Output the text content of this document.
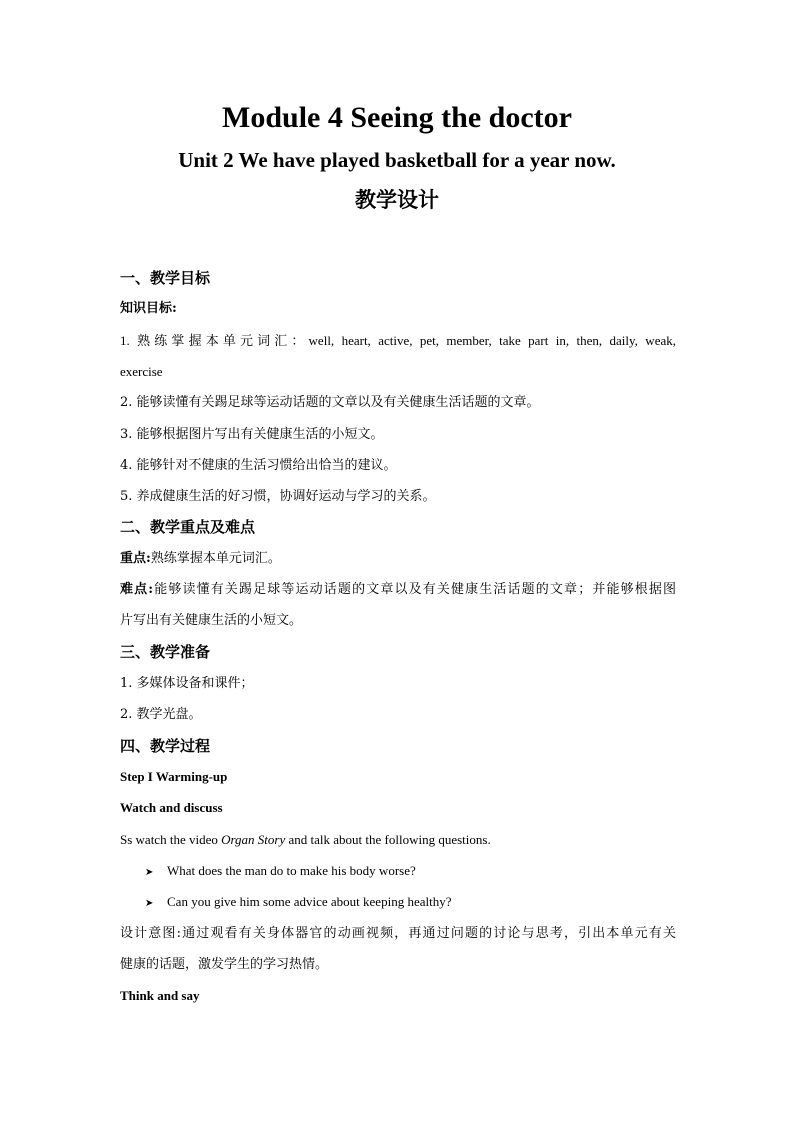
Module 4 Seeing the doctor
Unit 2 We have played basketball for a year now.
教学设计
一、教学目标
知识目标:
1. 熟练掌握本单元词汇：well, heart, active, pet, member, take part in, then, daily, weak,
exercise
2. 能够读懂有关踢足球等运动话题的文章以及有关健康生活话题的文章。
3. 能够根据图片写出有关健康生活的小短文。
4. 能够针对不健康的生活习惯给出恰当的建议。
5. 养成健康生活的好习惯，协调好运动与学习的关系。
二、教学重点及难点
重点:熟练掌握本单元词汇。
难点:能够读懂有关踢足球等运动话题的文章以及有关健康生活话题的文章；并能够根据图
片写出有关健康生活的小短文。
三、教学准备
1. 多媒体设备和课件；
2. 教学光盘。
四、教学过程
Step I Warming-up
Watch and discuss
Ss watch the video Organ Story and talk about the following questions.
➤ What does the man do to make his body worse?
➤ Can you give him some advice about keeping healthy?
设计意图:通过观看有关身体器官的动画视频，再通过问题的讨论与思考，引出本单元有关
健康的话题，激发学生的学习热情。
Think and say
